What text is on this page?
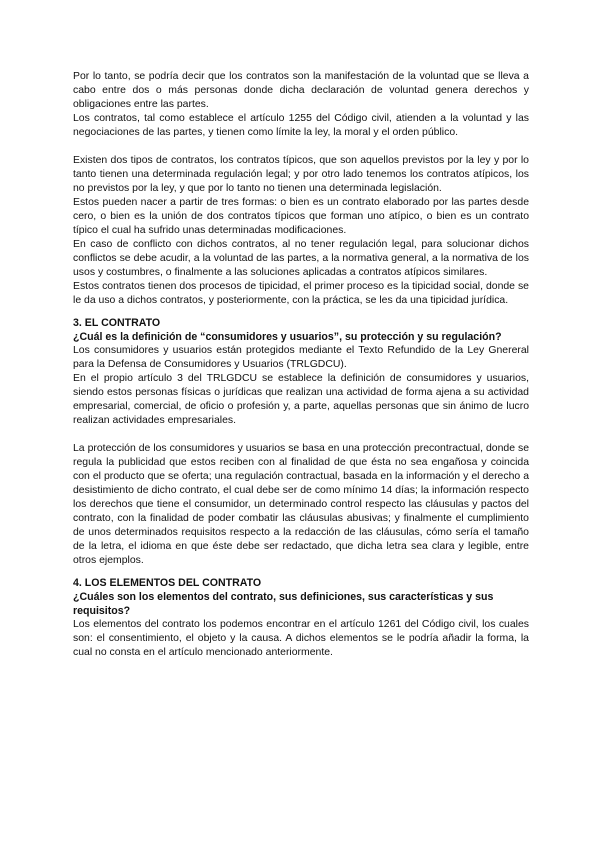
Por lo tanto, se podría decir que los contratos son la manifestación de la voluntad que se lleva a cabo entre dos o más personas donde dicha declaración de voluntad genera derechos y obligaciones entre las partes.

Los contratos, tal como establece el artículo 1255 del Código civil, atienden a la voluntad y las negociaciones de las partes, y tienen como límite la ley, la moral y el orden público.

Existen dos tipos de contratos, los contratos típicos, que son aquellos previstos por la ley y por lo tanto tienen una determinada regulación legal; y por otro lado tenemos los contratos atípicos, los no previstos por la ley, y que por lo tanto no tienen una determinada legislación.

Estos pueden nacer a partir de tres formas: o bien es un contrato elaborado por las partes desde cero, o bien es la unión de dos contratos típicos que forman uno atípico, o bien es un contrato típico el cual ha sufrido unas determinadas modificaciones.

En caso de conflicto con dichos contratos, al no tener regulación legal, para solucionar dichos conflictos se debe acudir, a la voluntad de las partes, a la normativa general, a la normativa de los usos y costumbres, o finalmente a las soluciones aplicadas a contratos atípicos similares.

Estos contratos tienen dos procesos de tipicidad, el primer proceso es la tipicidad social, donde se le da uso a dichos contratos, y posteriormente, con la práctica, se les da una tipicidad jurídica.

3. EL CONTRATO
¿Cuál es la definición de “consumidores y usuarios”, su protección y su regulación?

Los consumidores y usuarios están protegidos mediante el Texto Refundido de la Ley Gnereral para la Defensa de Consumidores y Usuarios (TRLGDCU).

En el propio artículo 3 del TRLGDCU se establece la definición de consumidores y usuarios, siendo estos personas físicas o jurídicas que realizan una actividad de forma ajena a su actividad empresarial, comercial, de oficio o profesión y, a parte, aquellas personas que sin ánimo de lucro realizan actividades empresariales.

La protección de los consumidores y usuarios se basa en una protección precontractual, donde se regula la publicidad que estos reciben con al finalidad de que ésta no sea engañosa y coincida con el producto que se oferta; una regulación contractual, basada en la información y el derecho a desistimiento de dicho contrato, el cual debe ser de como mínimo 14 días; la información respecto los derechos que tiene el consumidor, un determinado control respecto las cláusulas y pactos del contrato, con la finalidad de poder combatir las cláusulas abusivas; y finalmente el cumplimiento de unos determinados requisitos respecto a la redacción de las cláusulas, cómo sería el tamaño de la letra, el idioma en que éste debe ser redactado, que dicha letra sea clara y legible, entre otros ejemplos.

4. LOS ELEMENTOS DEL CONTRATO
¿Cuáles son los elementos del contrato, sus definiciones, sus características y sus requisitos?

Los elementos del contrato los podemos encontrar en el artículo 1261 del Código civil, los cuales son: el consentimiento, el objeto y la causa. A dichos elementos se le podría añadir la forma, la cual no consta en el artículo mencionado anteriormente.
